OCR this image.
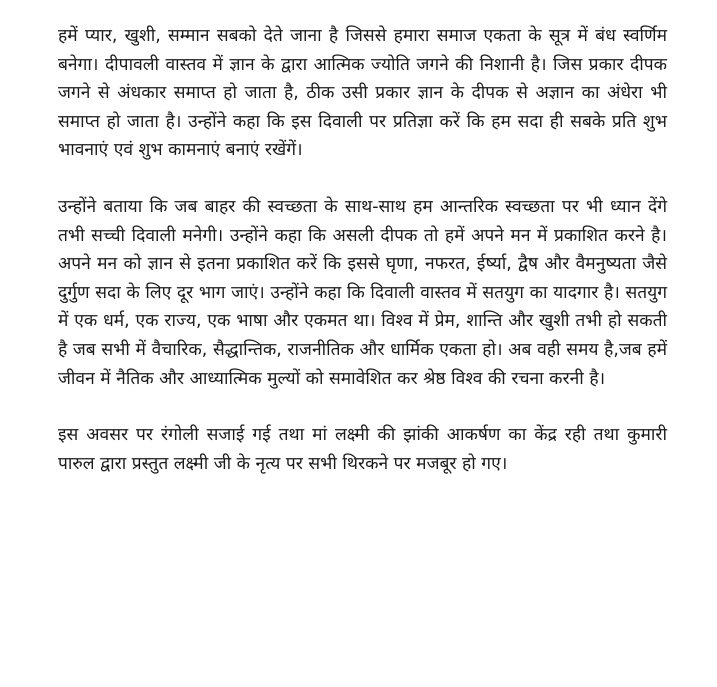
हमें प्यार, खुशी, सम्मान सबको देते जाना है जिससे हमारा समाज एकता के सूत्र में बंध स्वर्णिम बनेगा। दीपावली वास्तव में ज्ञान के द्वारा आत्मिक ज्योति जगने की निशानी है। जिस प्रकार दीपक जगने से अंधकार समाप्त हो जाता है, ठीक उसी प्रकार ज्ञान के दीपक से अज्ञान का अंधेरा भी समाप्त हो जाता है। उन्होंने कहा कि इस दिवाली पर प्रतिज्ञा करें कि हम सदा ही सबके प्रति शुभ भावनाएं एवं शुभ कामनाएं बनाएं रखेंगें।

उन्होंने बताया कि जब बाहर की स्वच्छता के साथ-साथ हम आन्तरिक स्वच्छता पर भी ध्यान देंगे तभी सच्ची दिवाली मनेगी। उन्होंने कहा कि असली दीपक तो हमें अपने मन में प्रकाशित करने है। अपने मन को ज्ञान से इतना प्रकाशित करें कि इससे घृणा, नफरत, ईर्ष्या, द्वैष और वैमनुष्यता जैसे दुर्गुण सदा के लिए दूर भाग जाएं। उन्होंने कहा कि दिवाली वास्तव में सतयुग का यादगार है। सतयुग में एक धर्म, एक राज्य, एक भाषा और एकमत था। विश्व में प्रेम, शान्ति और खुशी तभी हो सकती है जब सभी में वैचारिक, सैद्धान्तिक, राजनीतिक और धार्मिक एकता हो। अब वही समय है,जब हमें जीवन में नैतिक और आध्यात्मिक मुल्यों को समावेशित कर श्रेष्ठ विश्व की रचना करनी है।

इस अवसर पर रंगोली सजाई गई तथा मां लक्ष्मी की झांकी आकर्षण का केंद्र रही तथा कुमारी पारुल द्वारा प्रस्तुत लक्ष्मी जी के नृत्य पर सभी थिरकने पर मजबूर हो गए।
